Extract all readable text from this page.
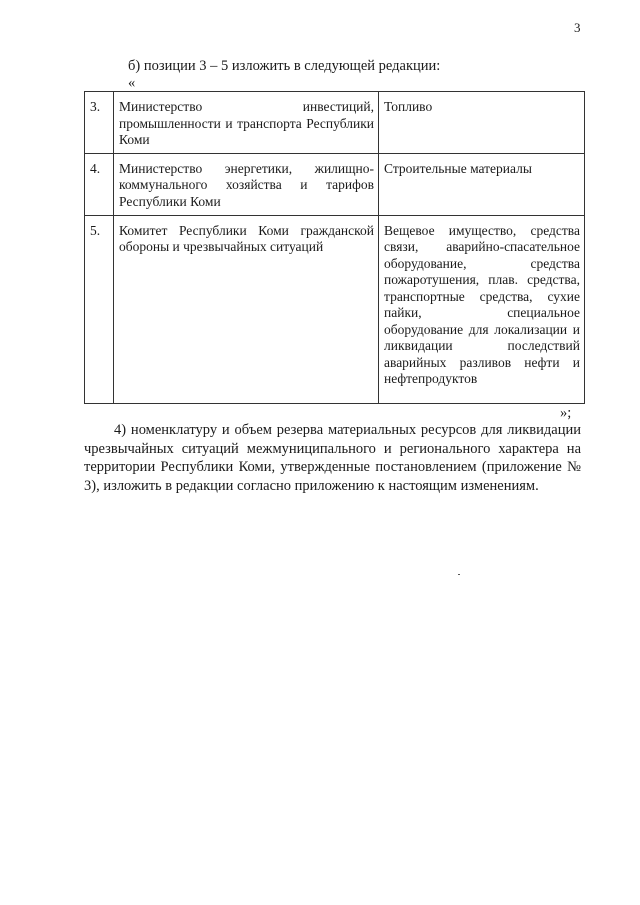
3
б) позиции 3 – 5 изложить в следующей редакции:
«
3.	Министерство инвестиций, промышленности и транспорта Республики Коми	Топливо
4.	Министерство энергетики, жилищно-коммунального хозяйства и тарифов Республики Коми	Строительные материалы
5.	Комитет Республики Коми гражданской обороны и чрезвычайных ситуаций	Вещевое имущество, средства связи, аварийно-спасательное оборудование, средства пожаротушения, плав. средства, транспортные средства, сухие пайки, специальное оборудование для локализации и ликвидации последствий аварийных разливов нефти и нефтепродуктов
»;

4) номенклатуру и объем резерва материальных ресурсов для ликвидации чрезвычайных ситуаций межмуниципального и регионального характера на территории Республики Коми, утвержденные постановлением (приложение № 3), изложить в редакции согласно приложению к настоящим изменениям.
